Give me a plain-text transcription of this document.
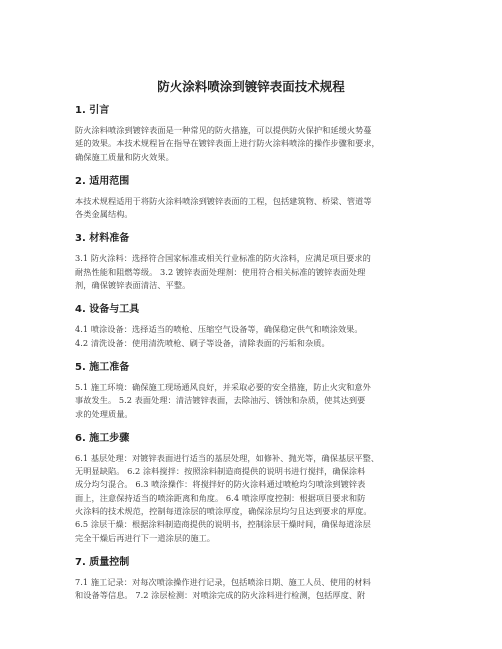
防火涂料喷涂到镀锌表面技术规程
1. 引言
防火涂料喷涂到镀锌表面是一种常见的防火措施，可以提供防火保护和延缓火势蔓
延的效果。本技术规程旨在指导在镀锌表面上进行防火涂料喷涂的操作步骤和要求，
确保施工质量和防火效果。
2. 适用范围
本技术规程适用于将防火涂料喷涂到镀锌表面的工程，包括建筑物、桥梁、管道等
各类金属结构。
3. 材料准备
3.1 防火涂料：选择符合国家标准或相关行业标准的防火涂料，应满足项目要求的
耐热性能和阻燃等级。 3.2 镀锌表面处理剂：使用符合相关标准的镀锌表面处理
剂，确保镀锌表面清洁、平整。
4. 设备与工具
4.1 喷涂设备：选择适当的喷枪、压缩空气设备等，确保稳定供气和喷涂效果。
4.2 清洗设备：使用清洗喷枪、刷子等设备，清除表面的污垢和杂质。
5. 施工准备
5.1 施工环境：确保施工现场通风良好，并采取必要的安全措施，防止火灾和意外
事故发生。 5.2 表面处理：清洁镀锌表面，去除油污、锈蚀和杂质，使其达到要
求的处理质量。
6. 施工步骤
6.1 基层处理：对镀锌表面进行适当的基层处理，如修补、抛光等，确保基层平整、
无明显缺陷。 6.2 涂料搅拌：按照涂料制造商提供的说明书进行搅拌，确保涂料
成分均匀混合。 6.3 喷涂操作：将搅拌好的防火涂料通过喷枪均匀喷涂到镀锌表
面上，注意保持适当的喷涂距离和角度。 6.4 喷涂厚度控制：根据项目要求和防
火涂料的技术规范，控制每道涂层的喷涂厚度，确保涂层均匀且达到要求的厚度。
6.5 涂层干燥：根据涂料制造商提供的说明书，控制涂层干燥时间，确保每道涂层
完全干燥后再进行下一道涂层的施工。
7. 质量控制
7.1 施工记录：对每次喷涂操作进行记录，包括喷涂日期、施工人员、使用的材料
和设备等信息。 7.2 涂层检测：对喷涂完成的防火涂料进行检测，包括厚度、附
